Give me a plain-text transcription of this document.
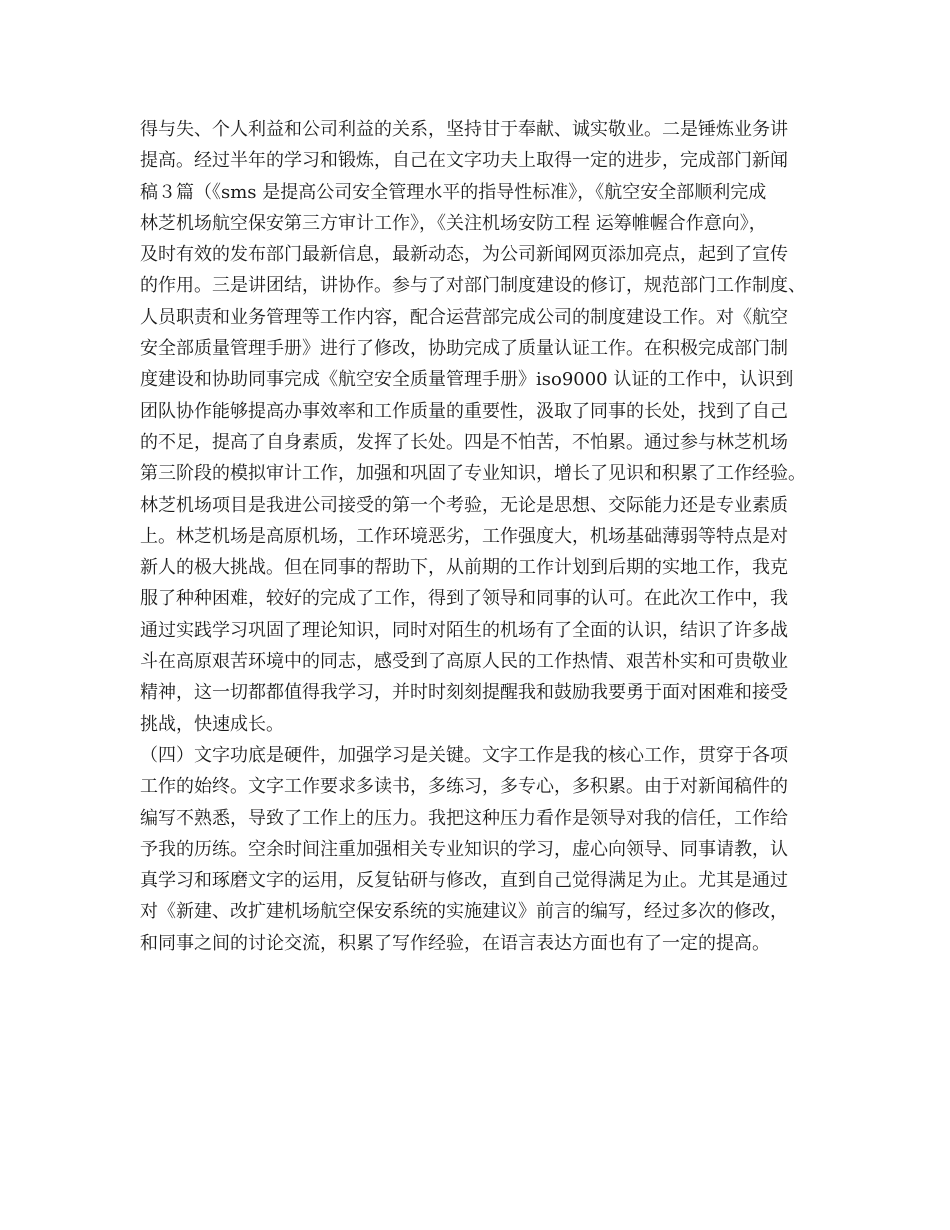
得与失、个人利益和公司利益的关系，坚持甘于奉献、诚实敬业。二是锤炼业务讲
提高。经过半年的学习和锻炼，自己在文字功夫上取得一定的进步，完成部门新闻
稿３篇（《sms 是提高公司安全管理水平的指导性标准》，《航空安全部顺利完成
林芝机场航空保安第三方审计工作》，《关注机场安防工程 运筹帷幄合作意向》，
及时有效的发布部门最新信息，最新动态，为公司新闻网页添加亮点，起到了宣传
的作用。三是讲团结，讲协作。参与了对部门制度建设的修订，规范部门工作制度、
人员职责和业务管理等工作内容，配合运营部完成公司的制度建设工作。对《航空
安全部质量管理手册》进行了修改，协助完成了质量认证工作。在积极完成部门制
度建设和协助同事完成《航空安全质量管理手册》iso9000 认证的工作中，认识到
团队协作能够提高办事效率和工作质量的重要性，汲取了同事的长处，找到了自己
的不足，提高了自身素质，发挥了长处。四是不怕苦，不怕累。通过参与林芝机场
第三阶段的模拟审计工作，加强和巩固了专业知识，增长了见识和积累了工作经验。
林芝机场项目是我进公司接受的第一个考验，无论是思想、交际能力还是专业素质
上。林芝机场是高原机场，工作环境恶劣，工作强度大，机场基础薄弱等特点是对
新人的极大挑战。但在同事的帮助下，从前期的工作计划到后期的实地工作，我克
服了种种困难，较好的完成了工作，得到了领导和同事的认可。在此次工作中，我
通过实践学习巩固了理论知识，同时对陌生的机场有了全面的认识，结识了许多战
斗在高原艰苦环境中的同志，感受到了高原人民的工作热情、艰苦朴实和可贵敬业
精神，这一切都都值得我学习，并时时刻刻提醒我和鼓励我要勇于面对困难和接受
挑战，快速成长。
（四）文字功底是硬件，加强学习是关键。文字工作是我的核心工作，贯穿于各项
工作的始终。文字工作要求多读书，多练习，多专心，多积累。由于对新闻稿件的
编写不熟悉，导致了工作上的压力。我把这种压力看作是领导对我的信任，工作给
予我的历练。空余时间注重加强相关专业知识的学习，虚心向领导、同事请教，认
真学习和琢磨文字的运用，反复钻研与修改，直到自己觉得满足为止。尤其是通过
对《新建、改扩建机场航空保安系统的实施建议》前言的编写，经过多次的修改，
和同事之间的讨论交流，积累了写作经验，在语言表达方面也有了一定的提高。
